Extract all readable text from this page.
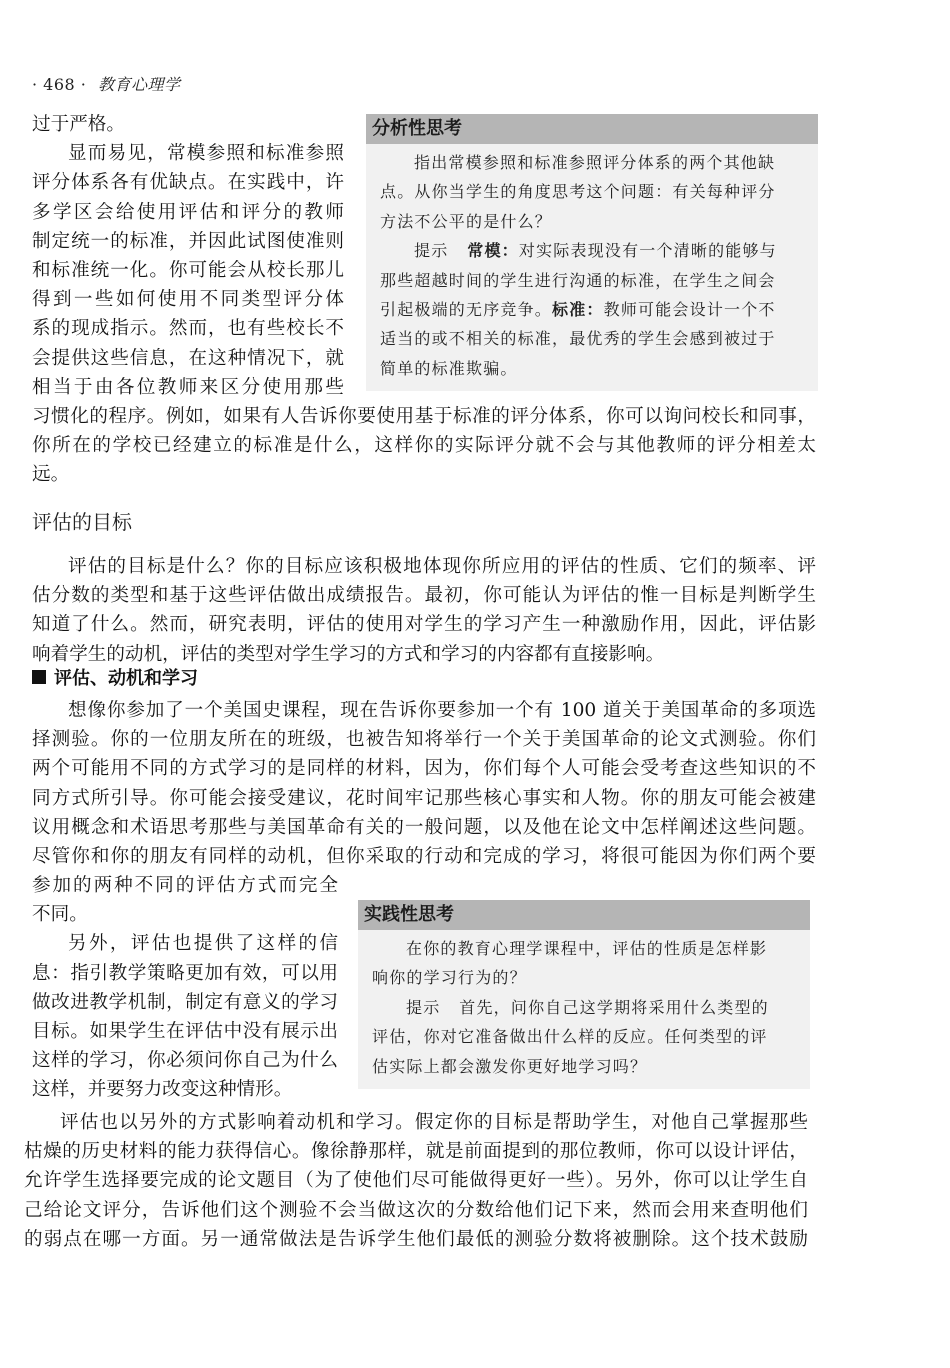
· 468 · 教育心理学
过于严格。
显而易见，常模参照和标准参照
评分体系各有优缺点。在实践中，许
多学区会给使用评估和评分的教师
制定统一的标准，并因此试图使准则
和标准统一化。你可能会从校长那儿
得到一些如何使用不同类型评分体
系的现成指示。然而，也有些校长不
会提供这些信息，在这种情况下，就
相当于由各位教师来区分使用那些
分析性思考
指出常模参照和标准参照评分体系的两个其他缺
点。从你当学生的角度思考这个问题：有关每种评分
方法不公平的是什么？
提示 常模：对实际表现没有一个清晰的能够与
那些超越时间的学生进行沟通的标准，在学生之间会
引起极端的无序竞争。标准：教师可能会设计一个不
适当的或不相关的标准，最优秀的学生会感到被过于
简单的标准欺骗。
习惯化的程序。例如，如果有人告诉你要使用基于标准的评分体系，你可以询问校长和同事，
你所在的学校已经建立的标准是什么，这样你的实际评分就不会与其他教师的评分相差太
远。
评估的目标
评估的目标是什么？你的目标应该积极地体现你所应用的评估的性质、它们的频率、评
估分数的类型和基于这些评估做出成绩报告。最初，你可能认为评估的惟一目标是判断学生
知道了什么。然而，研究表明，评估的使用对学生的学习产生一种激励作用，因此，评估影
响着学生的动机，评估的类型对学生学习的方式和学习的内容都有直接影响。
评估、动机和学习
想像你参加了一个美国史课程，现在告诉你要参加一个有 100 道关于美国革命的多项选
择测验。你的一位朋友所在的班级，也被告知将举行一个关于美国革命的论文式测验。你们
两个可能用不同的方式学习的是同样的材料，因为，你们每个人可能会受考查这些知识的不
同方式所引导。你可能会接受建议，花时间牢记那些核心事实和人物。你的朋友可能会被建
议用概念和术语思考那些与美国革命有关的一般问题，以及他在论文中怎样阐述这些问题。
尽管你和你的朋友有同样的动机，但你采取的行动和完成的学习，将很可能因为你们两个要
参加的两种不同的评估方式而完全
不同。
另外，评估也提供了这样的信
息：指引教学策略更加有效，可以用
做改进教学机制，制定有意义的学习
目标。如果学生在评估中没有展示出
这样的学习，你必须问你自己为什么
这样，并要努力改变这种情形。
实践性思考
在你的教育心理学课程中，评估的性质是怎样影
响你的学习行为的？
提示 首先，问你自己这学期将采用什么类型的
评估，你对它准备做出什么样的反应。任何类型的评
估实际上都会激发你更好地学习吗？
评估也以另外的方式影响着动机和学习。假定你的目标是帮助学生，对他自己掌握那些
枯燥的历史材料的能力获得信心。像徐静那样，就是前面提到的那位教师，你可以设计评估，
允许学生选择要完成的论文题目（为了使他们尽可能做得更好一些）。另外，你可以让学生自
己给论文评分，告诉他们这个测验不会当做这次的分数给他们记下来，然而会用来查明他们
的弱点在哪一方面。另一通常做法是告诉学生他们最低的测验分数将被删除。这个技术鼓励
